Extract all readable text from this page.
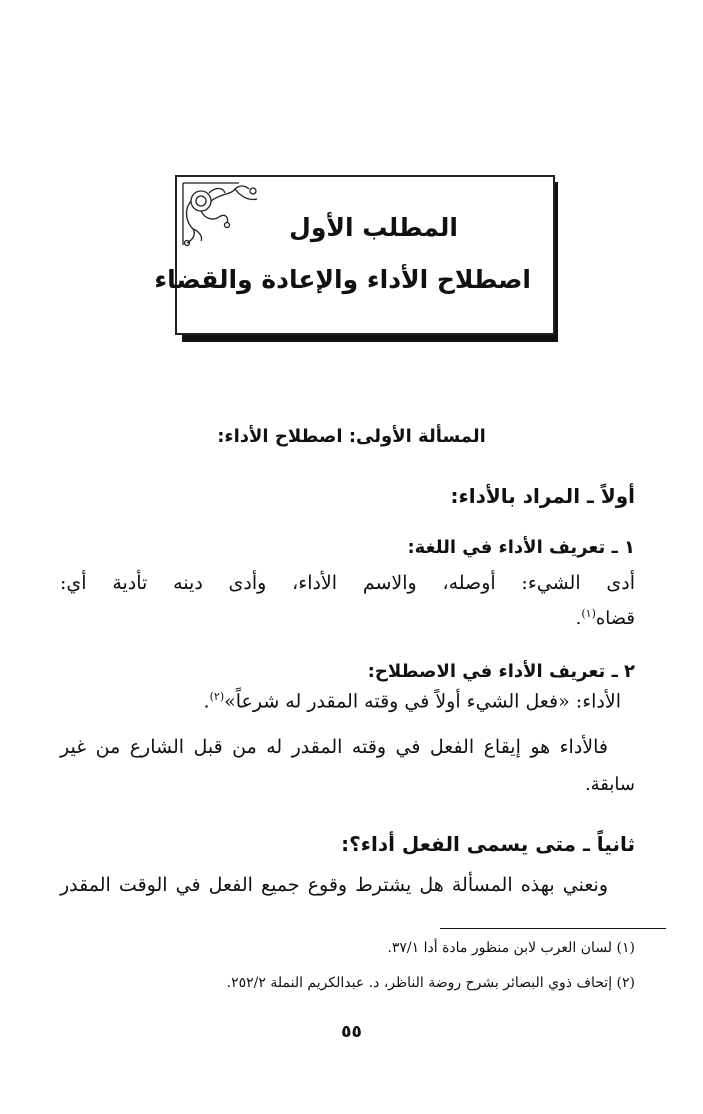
المطلب الأول
اصطلاح الأداء والإعادة والقضاء
المسألة الأولى: اصطلاح الأداء:
أولاً ـ المراد بالأداء:
١ ـ تعريف الأداء في اللغة:
أدى الشيء: أوصله، والاسم الأداء، وأدى دينه تأدية أي:
قضاه$^{(١)}$.
٢ ـ تعريف الأداء في الاصطلاح:
الأداء: «فعل الشيء أولاً في وقته المقدر له شرعاً»$^{(٢)}$.
فالأداء هو إيقاع الفعل في وقته المقدر له من قبل الشارع من غير
سابقة.
ثانياً ـ متى يسمى الفعل أداء؟:
ونعني بهذه المسألة هل يشترط وقوع جميع الفعل في الوقت المقدر
(١) لسان العرب لابن منظور مادة أدا ٣٧/١.
(٢) إتحاف ذوي البصائر بشرح روضة الناظر، د. عبدالكريم النملة ٢٥٢/٢.
٥٥
